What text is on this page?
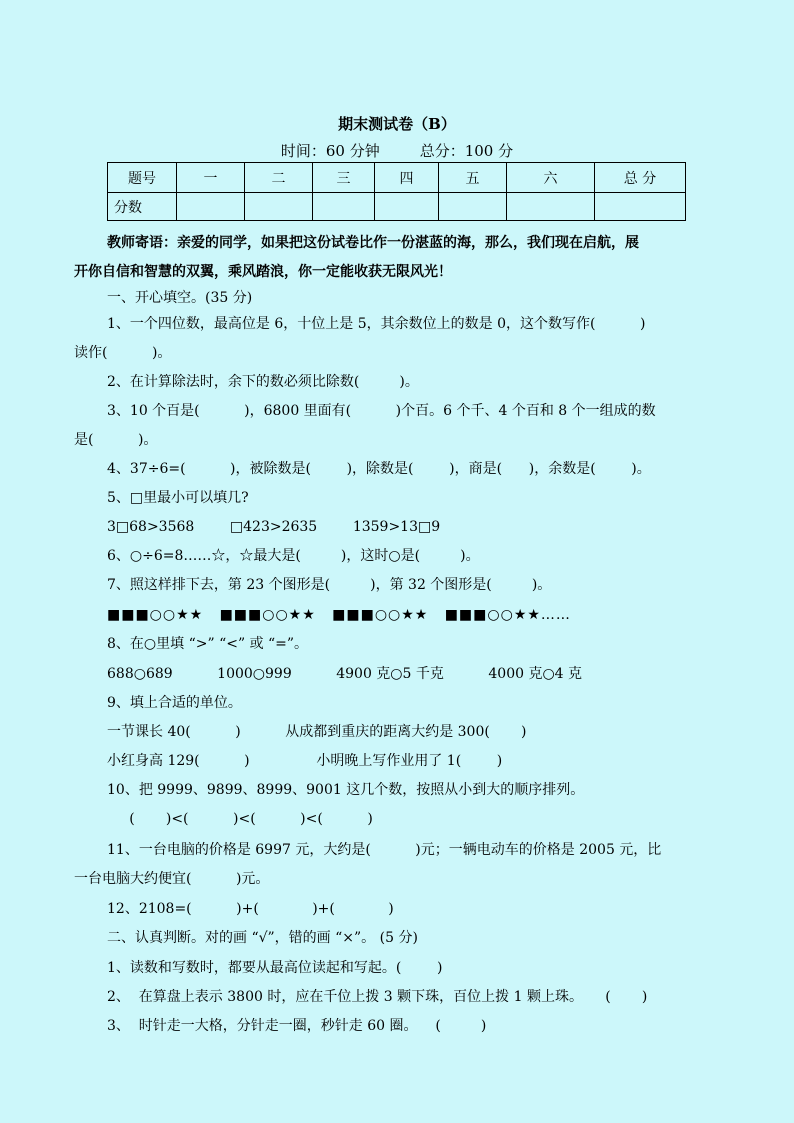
期末测试卷（B）
时间：60 分钟	总分：100 分
题号	一	二	三	四	五	六	总 分
分数							
教师寄语：亲爱的同学，如果把这份试卷比作一份湛蓝的海，那么，我们现在启航，展
开你自信和智慧的双翼，乘风踏浪，你一定能收获无限风光！
一、开心填空。(35 分)
1、一个四位数，最高位是 6，十位上是 5，其余数位上的数是 0，这个数写作(          )
读作(          )。
2、在计算除法时，余下的数必须比除数(         )。
3、10 个百是(          )，6800 里面有(          )个百。6 个千、4 个百和 8 个一组成的数
是(          )。
4、37÷6=(          )，被除数是(        )，除数是(        )，商是(      )，余数是(        )。
5、□里最小可以填几?
3□68>3568        □423>2635        1359>13□9
6、○÷6=8……☆，☆最大是(         )，这时○是(         )。
7、照这样排下去，第 23 个图形是(         )，第 32 个图形是(         )。
■■■○○★★   ■■■○○★★   ■■■○○★★   ■■■○○★★……
8、在○里填 “>” “<” 或 “=”。
688○689          1000○999          4900 克○5 千克          4000 克○4 克
9、填上合适的单位。
一节课长 40(          )          从成都到重庆的距离大约是 300(       )
小红身高 129(          )               小明晚上写作业用了 1(        )
10、把 9999、9899、8999、9001 这几个数，按照从小到大的顺序排列。
(       )<(          )<(          )<(          )
11、一台电脑的价格是 6997 元，大约是(          )元；一辆电动车的价格是 2005 元，比
一台电脑大约便宜(          )元。
12、2108=(          )+(            )+(            )
二、认真判断。对的画 “√”，错的画 “×”。 (5 分)
1、读数和写数时，都要从最高位读起和写起。(        )
2、  在算盘上表示 3800 时，应在千位上拨 3 颗下珠，百位上拨 1 颗上珠。     (       )
3、  时针走一大格，分针走一圈，秒针走 60 圈。    (         )
